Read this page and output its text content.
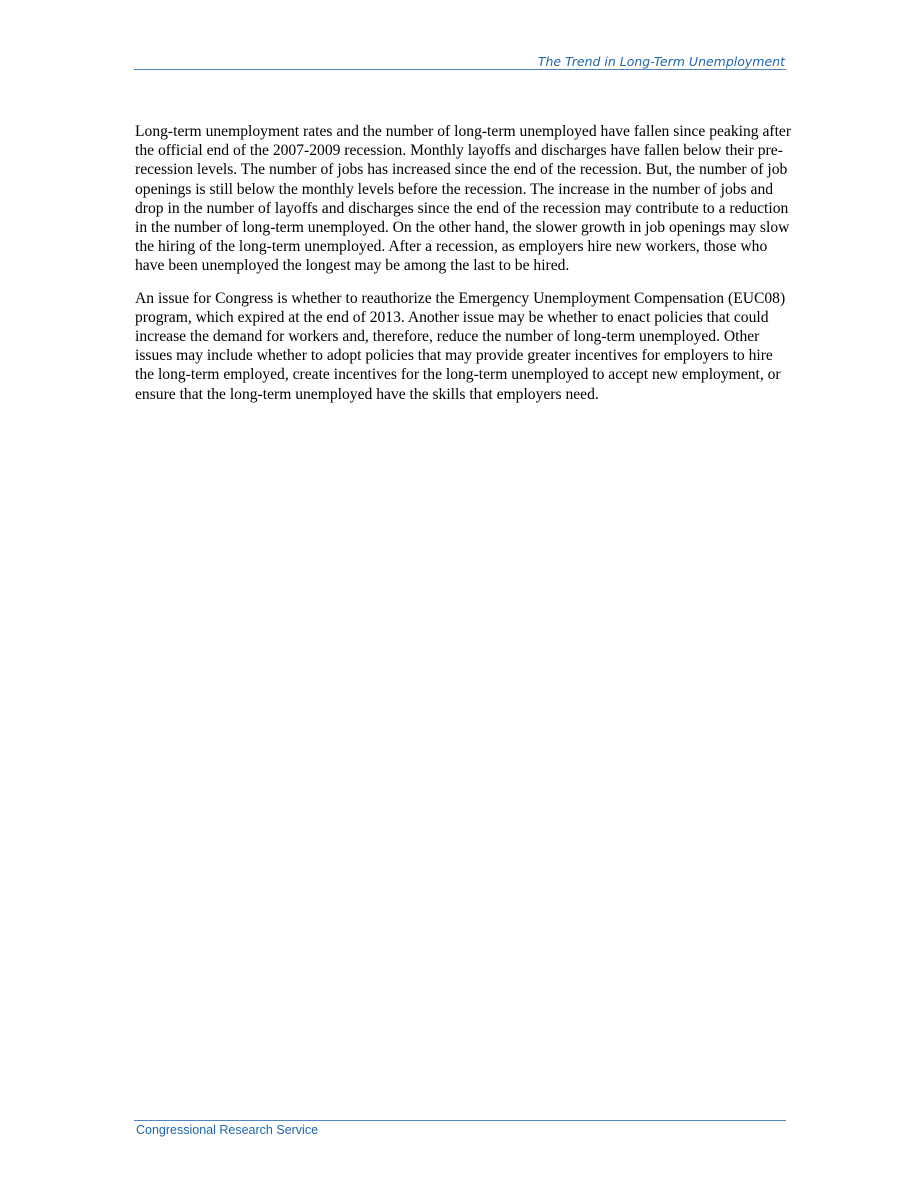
The Trend in Long-Term Unemployment

Long-term unemployment rates and the number of long-term unemployed have fallen since peaking after the official end of the 2007-2009 recession. Monthly layoffs and discharges have fallen below their pre-recession levels. The number of jobs has increased since the end of the recession. But, the number of job openings is still below the monthly levels before the recession. The increase in the number of jobs and drop in the number of layoffs and discharges since the end of the recession may contribute to a reduction in the number of long-term unemployed. On the other hand, the slower growth in job openings may slow the hiring of the long-term unemployed. After a recession, as employers hire new workers, those who have been unemployed the longest may be among the last to be hired.

An issue for Congress is whether to reauthorize the Emergency Unemployment Compensation (EUC08) program, which expired at the end of 2013. Another issue may be whether to enact policies that could increase the demand for workers and, therefore, reduce the number of long-term unemployed. Other issues may include whether to adopt policies that may provide greater incentives for employers to hire the long-term employed, create incentives for the long-term unemployed to accept new employment, or ensure that the long-term unemployed have the skills that employers need.

Congressional Research Service
